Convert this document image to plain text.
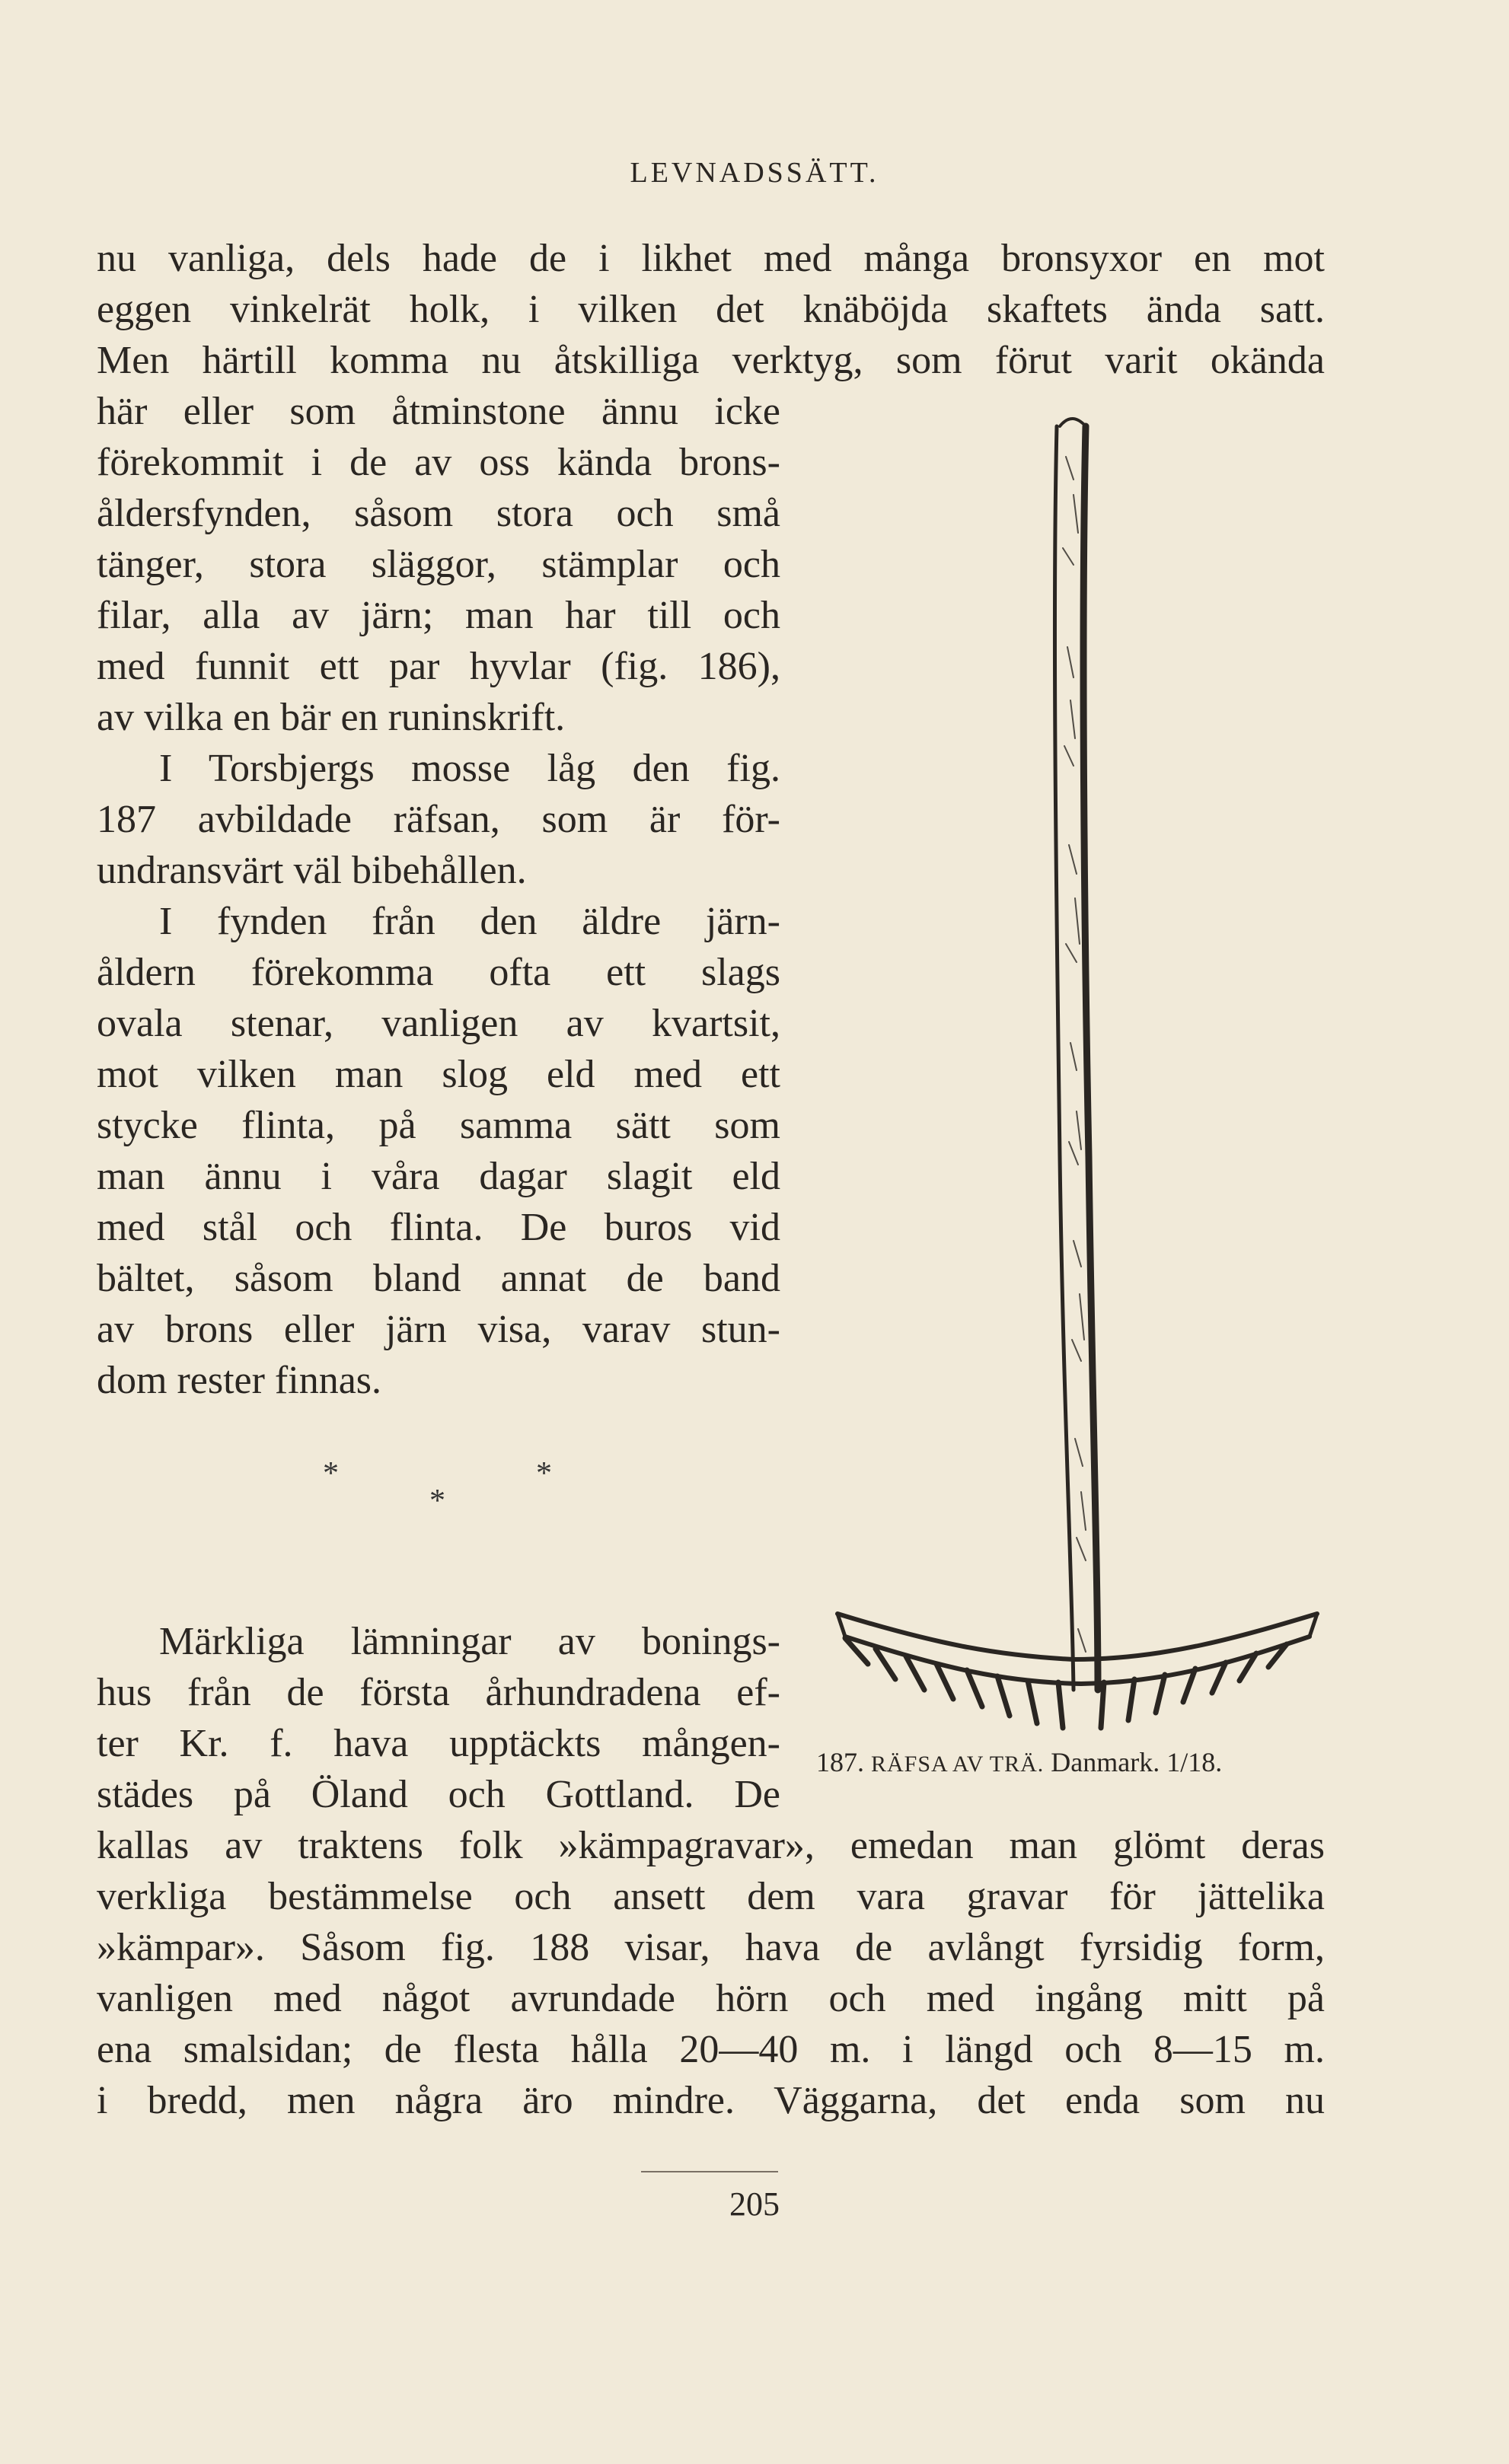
LEVNADSSÄTT.
nu vanliga, dels hade de i likhet med många bronsyxor en mot
eggen vinkelrät holk, i vilken det knäböjda skaftets ända satt.
Men härtill komma nu åtskilliga verktyg, som förut varit okända
här eller som åtminstone ännu icke
förekommit i de av oss kända brons-
åldersfynden, såsom stora och små
tänger, stora släggor, stämplar och
filar, alla av järn; man har till och
med funnit ett par hyvlar (fig. 186),
av vilka en bär en runinskrift.
I Torsbjergs mosse låg den fig.
187 avbildade räfsan, som är för-
undransvärt väl bibehållen.
I fynden från den äldre järn-
åldern förekomma ofta ett slags
ovala stenar, vanligen av kvartsit,
mot vilken man slog eld med ett
stycke flinta, på samma sätt som
man ännu i våra dagar slagit eld
med stål och flinta. De buros vid
bältet, såsom bland annat de band
av brons eller järn visa, varav stun-
dom rester finnas.
*	*
*
Märkliga lämningar av bonings-
hus från de första århundradena ef-
ter Kr. f. hava upptäckts mången-
städes på Öland och Gottland. De
kallas av traktens folk »kämpagravar», emedan man glömt deras
verkliga bestämmelse och ansett dem vara gravar för jättelika
»kämpar». Såsom fig. 188 visar, hava de avlångt fyrsidig form,
vanligen med något avrundade hörn och med ingång mitt på
ena smalsidan; de flesta hålla 20—40 m. i längd och 8—15 m.
i bredd, men några äro mindre. Väggarna, det enda som nu
187. RÄFSA AV TRÄ. Danmark. 1/18.
205
